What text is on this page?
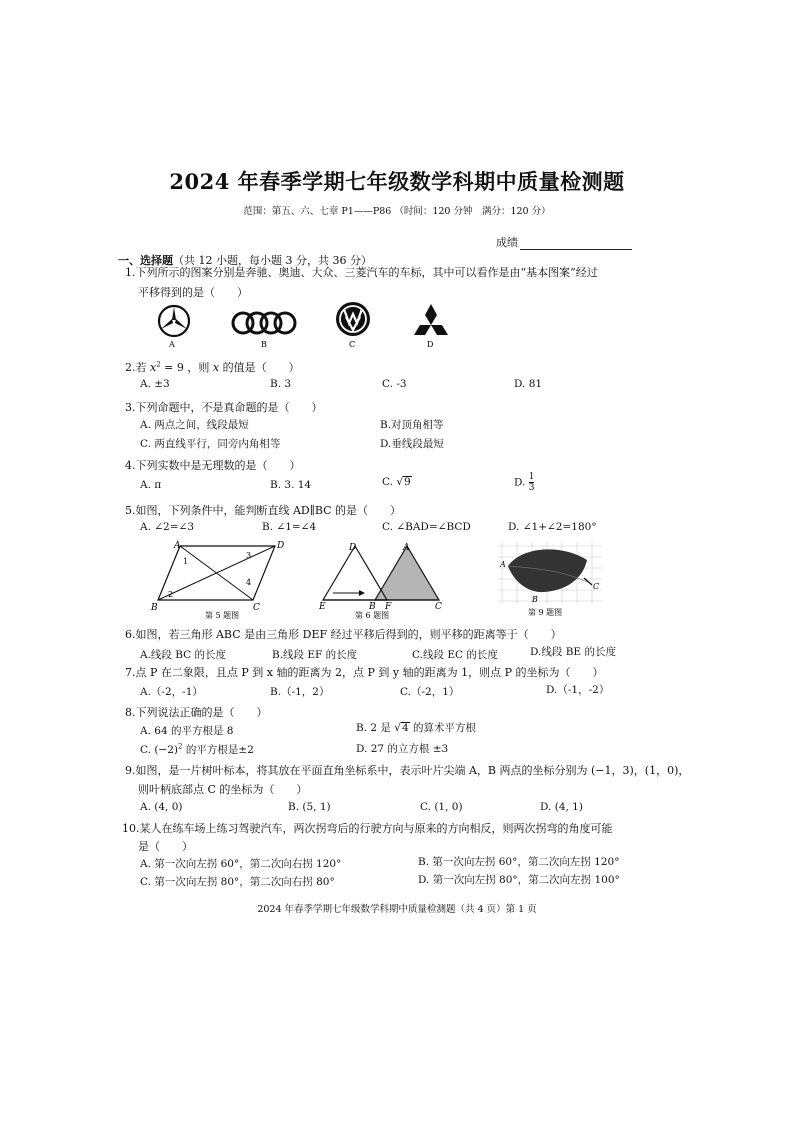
2024 年春季学期七年级数学科期中质量检测题
范围：第五、六、七章 P1——P86 （时间：120 分钟　满分：120 分）
成绩
一、选择题（共 12 小题，每小题 3 分，共 36 分）
1.下列所示的图案分别是奔驰、奥迪、大众、三菱汽车的车标，其中可以看作是由“基本图案”经过
平移得到的是（　　）
A	B	C	D
2.若 $x^2 = 9$ ，则 x 的值是（　　）
A. ±3	B. 3	C. -3	D. 81
3.下列命题中，不是真命题的是（　　）
A. 两点之间，线段最短	B.对顶角相等
C. 两直线平行，同旁内角相等	D.垂线段最短
4.下列实数中是无理数的是（　　）
A. π	B. 3. 14	C. √9	D. $\frac{1}{3}$
5.如图，下列条件中，能判断直线 AD∥BC 的是（　　）
A. ∠2=∠3	B. ∠1=∠4	C. ∠BAD=∠BCD	D. ∠1+∠2=180°
A	D
B	C
1
2
3
4
第 5 题图
D	A
E	B F	C
第 6 题图
A
B
C
第 9 题图
6.如图，若三角形 ABC 是由三角形 DEF 经过平移后得到的，则平移的距离等于（　　）
A.线段 BC 的长度	B.线段 EF 的长度	C.线段 EC 的长度	D.线段 BE 的长度
7.点 P 在二象限，且点 P 到 x 轴的距离为 2，点 P 到 y 轴的距离为 1，则点 P 的坐标为（　　）
A.（-2，-1）	B.（-1，2）	C.（-2，1）	D.（-1，-2）
8.下列说法正确的是（　　）
A. 64 的平方根是 8	B. 2 是 √4 的算术平方根
C. $(-2)^2$ 的平方根是±2	D. 27 的立方根 ±3
9.如图，是一片树叶标本，将其放在平面直角坐标系中，表示叶片尖端 A，B 两点的坐标分别为 (−1，3)，(1，0)，
则叶柄底部点 C 的坐标为（　　）
A. (4, 0)	B. (5, 1)	C. (1, 0)	D. (4, 1)
10.某人在练车场上练习驾驶汽车，两次拐弯后的行驶方向与原来的方向相反，则两次拐弯的角度可能
是（　　）
A. 第一次向左拐 60°，第二次向右拐 120°	B. 第一次向左拐 60°，第二次向左拐 120°
C. 第一次向左拐 80°，第二次向右拐 80°	D. 第一次向左拐 80°，第二次向左拐 100°
2024 年春季学期七年级数学科期中质量检测题（共 4 页）第 1 页
